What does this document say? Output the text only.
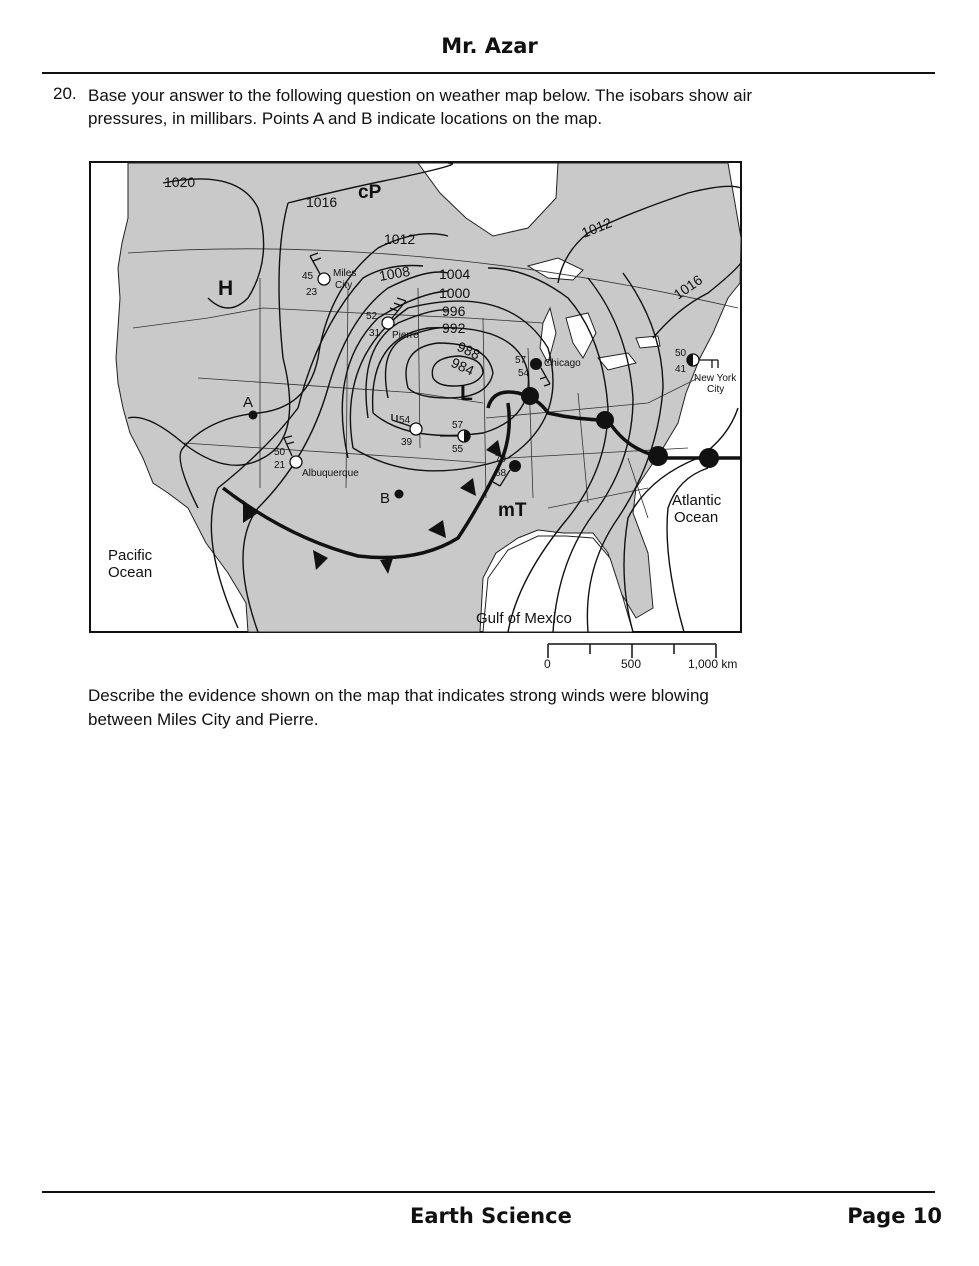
Mr. Azar
20. Base your answer to the following question on weather map below. The isobars show air
pressures, in millibars. Points A and B indicate locations on the map.
1020
1016
1012
1008 1004
1000
996
992
988
984
1012
1016
cP
mT
H
L
A
B
45
23
Miles
City
52
31 Pierre
50
21
Albuquerque
57
54
Chicago
50
41
New York
City
54
39
57
55
79
68
Pacific
Ocean
Atlantic
Ocean
Gulf of Mexico
0	500	1,000 km
Describe the evidence shown on the map that indicates strong winds were blowing
between Miles City and Pierre.
Earth Science	Page 10
